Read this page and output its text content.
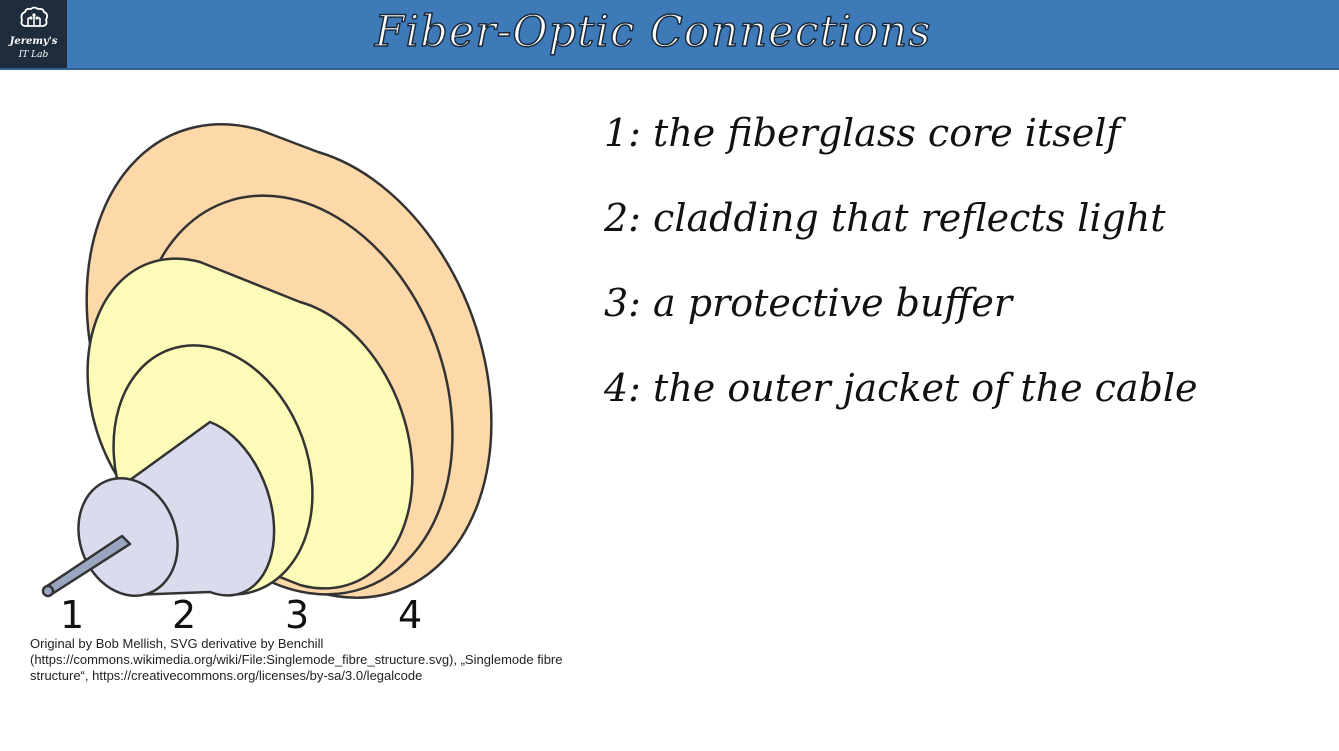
Jeremy's
IT Lab	Fiber-Optic Connections
1 2 3 4
Original by Bob Mellish, SVG derivative by Benchill (https://commons.wikimedia.org/wiki/File:Singlemode_fibre_structure.svg), „Singlemode fibre structure“, https://creativecommons.org/licenses/by-sa/3.0/legalcode
1: the fiberglass core itself
2: cladding that reflects light
3: a protective buffer
4: the outer jacket of the cable
